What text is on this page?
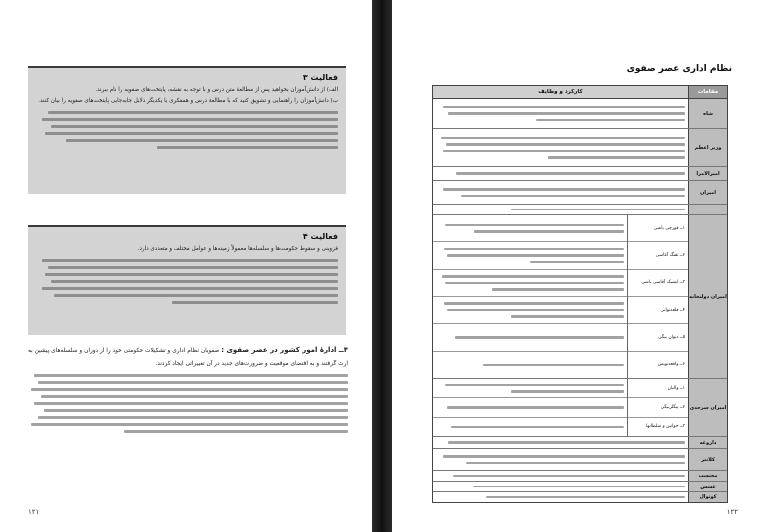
فعالیت ۳
الف) از دانش‌آموزان بخواهید پس از مطالعهٔ متن درس و با توجه به نقشه، پایتخت‌های صفویه را نام ببرند.
ب) دانش‌آموزان را راهنمایی و تشویق کنید که با مطالعهٔ درس و همفکری یا یکدیگر دلایل جابه‌جایی پایتخت‌های صفویه را بیان کنند.
فعالیت ۴
قزوینی و سقوط حکومت‌ها و سلسله‌ها معمولاً زمینه‌ها و عوامل مختلف و متعددی دارد.
۴ــ ادارهٔ امور کشور در عصر صفوی : صفویان نظام اداری و تشکیلات حکومتی خود را از دوران و سلسله‌های پیشین به ارث گرفتند و به اقتضای موقعیت و ضرورت‌های جدید در آن تغییراتی ایجاد کردند.
۱۲۱
نظام اداری عصر صفوی
مقامات
کارکرد و وظایف
شاه
وزیر اعظم
امیرالامرا
امیران
امیران دولتخانه
۱ــ قورچی باشی
۲ــ تفنگ آغاسی
۳ــ ایشیک آقاسی باشی
۴ــ قلعه‌نوابی
۵ــ دیوان بیگی
۶ــ واقعه‌نویس
امیران سرحدی
۱ــ والیان
۲ــ بیگلربیگی
۳ــ خوانین و سلطانها
داروغه
کلانتر
محتسب
عسس
کوتوال
۱۲۲
